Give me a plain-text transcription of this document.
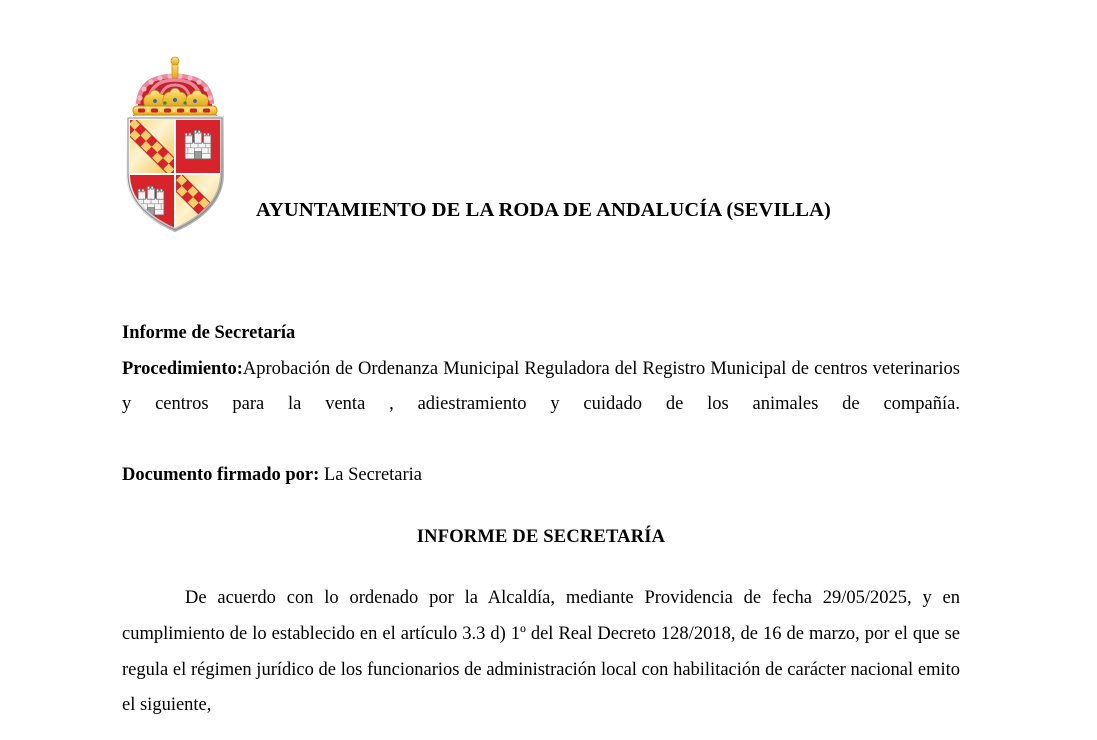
AYUNTAMIENTO DE LA RODA DE ANDALUCÍA (SEVILLA)

Informe de Secretaría

Procedimiento:Aprobación de Ordenanza Municipal Reguladora del Registro Municipal de centros veterinarios y centros para la venta , adiestramiento y cuidado de los animales de compañía.

Documento firmado por: La Secretaria

INFORME DE SECRETARÍA

De acuerdo con lo ordenado por la Alcaldía, mediante Providencia de fecha 29/05/2025, y en cumplimiento de lo establecido en el artículo 3.3 d) 1º del Real Decreto 128/2018, de 16 de marzo, por el que se regula el régimen jurídico de los funcionarios de administración local con habilitación de carácter nacional emito el siguiente,
